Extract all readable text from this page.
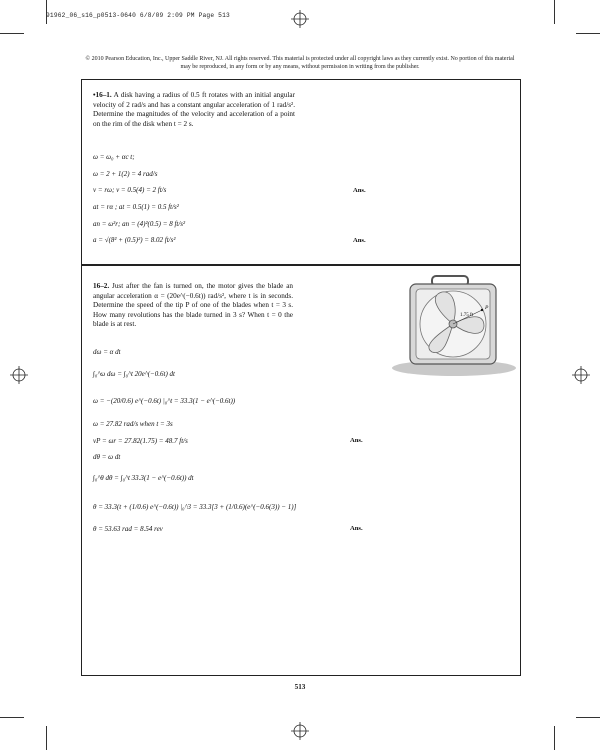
91962_06_s16_p0513-0640 6/8/09 2:09 PM Page 513
© 2010 Pearson Education, Inc., Upper Saddle River, NJ. All rights reserved. This material is protected under all copyright laws as they currently exist. No portion of this material may be reproduced, in any form or by any means, without permission in writing from the publisher.
•16–1. A disk having a radius of 0.5 ft rotates with an initial angular velocity of 2 rad/s and has a constant angular acceleration of 1 rad/s². Determine the magnitudes of the velocity and acceleration of a point on the rim of the disk when t = 2 s.
ω = ω₀ + αc t;
ω = 2 + 1(2) = 4 rad/s
v = rω; v = 0.5(4) = 2 ft/s
at = rα ; at = 0.5(1) = 0.5 ft/s²
an = ω²r; an = (4)²(0.5) = 8 ft/s²
a = √(8² + (0.5)²) = 8.02 ft/s²
Ans.
Ans.
16–2. Just after the fan is turned on, the motor gives the blade an angular acceleration α = (20e^(−0.6t)) rad/s², where t is in seconds. Determine the speed of the tip P of one of the blades when t = 3 s. How many revolutions has the blade turned in 3 s? When t = 0 the blade is at rest.
1.75 ft
P
dω = α dt
∫₀^ω dω = ∫₀^t 20e^(−0.6t) dt
ω = −(20/0.6) e^(−0.6t) |₀^t = 33.3(1 − e^(−0.6t))
ω = 27.82 rad/s when t = 3s
vP = ωr = 27.82(1.75) = 48.7 ft/s
dθ = ω dt
∫₀^θ dθ = ∫₀^t 33.3(1 − e^(−0.6t)) dt
θ = 33.3(t + (1/0.6) e^(−0.6t)) |₀^3 = 33.3[3 + (1/0.6)(e^(−0.6(3)) − 1)]
θ = 53.63 rad = 8.54 rev
Ans.
Ans.
513
